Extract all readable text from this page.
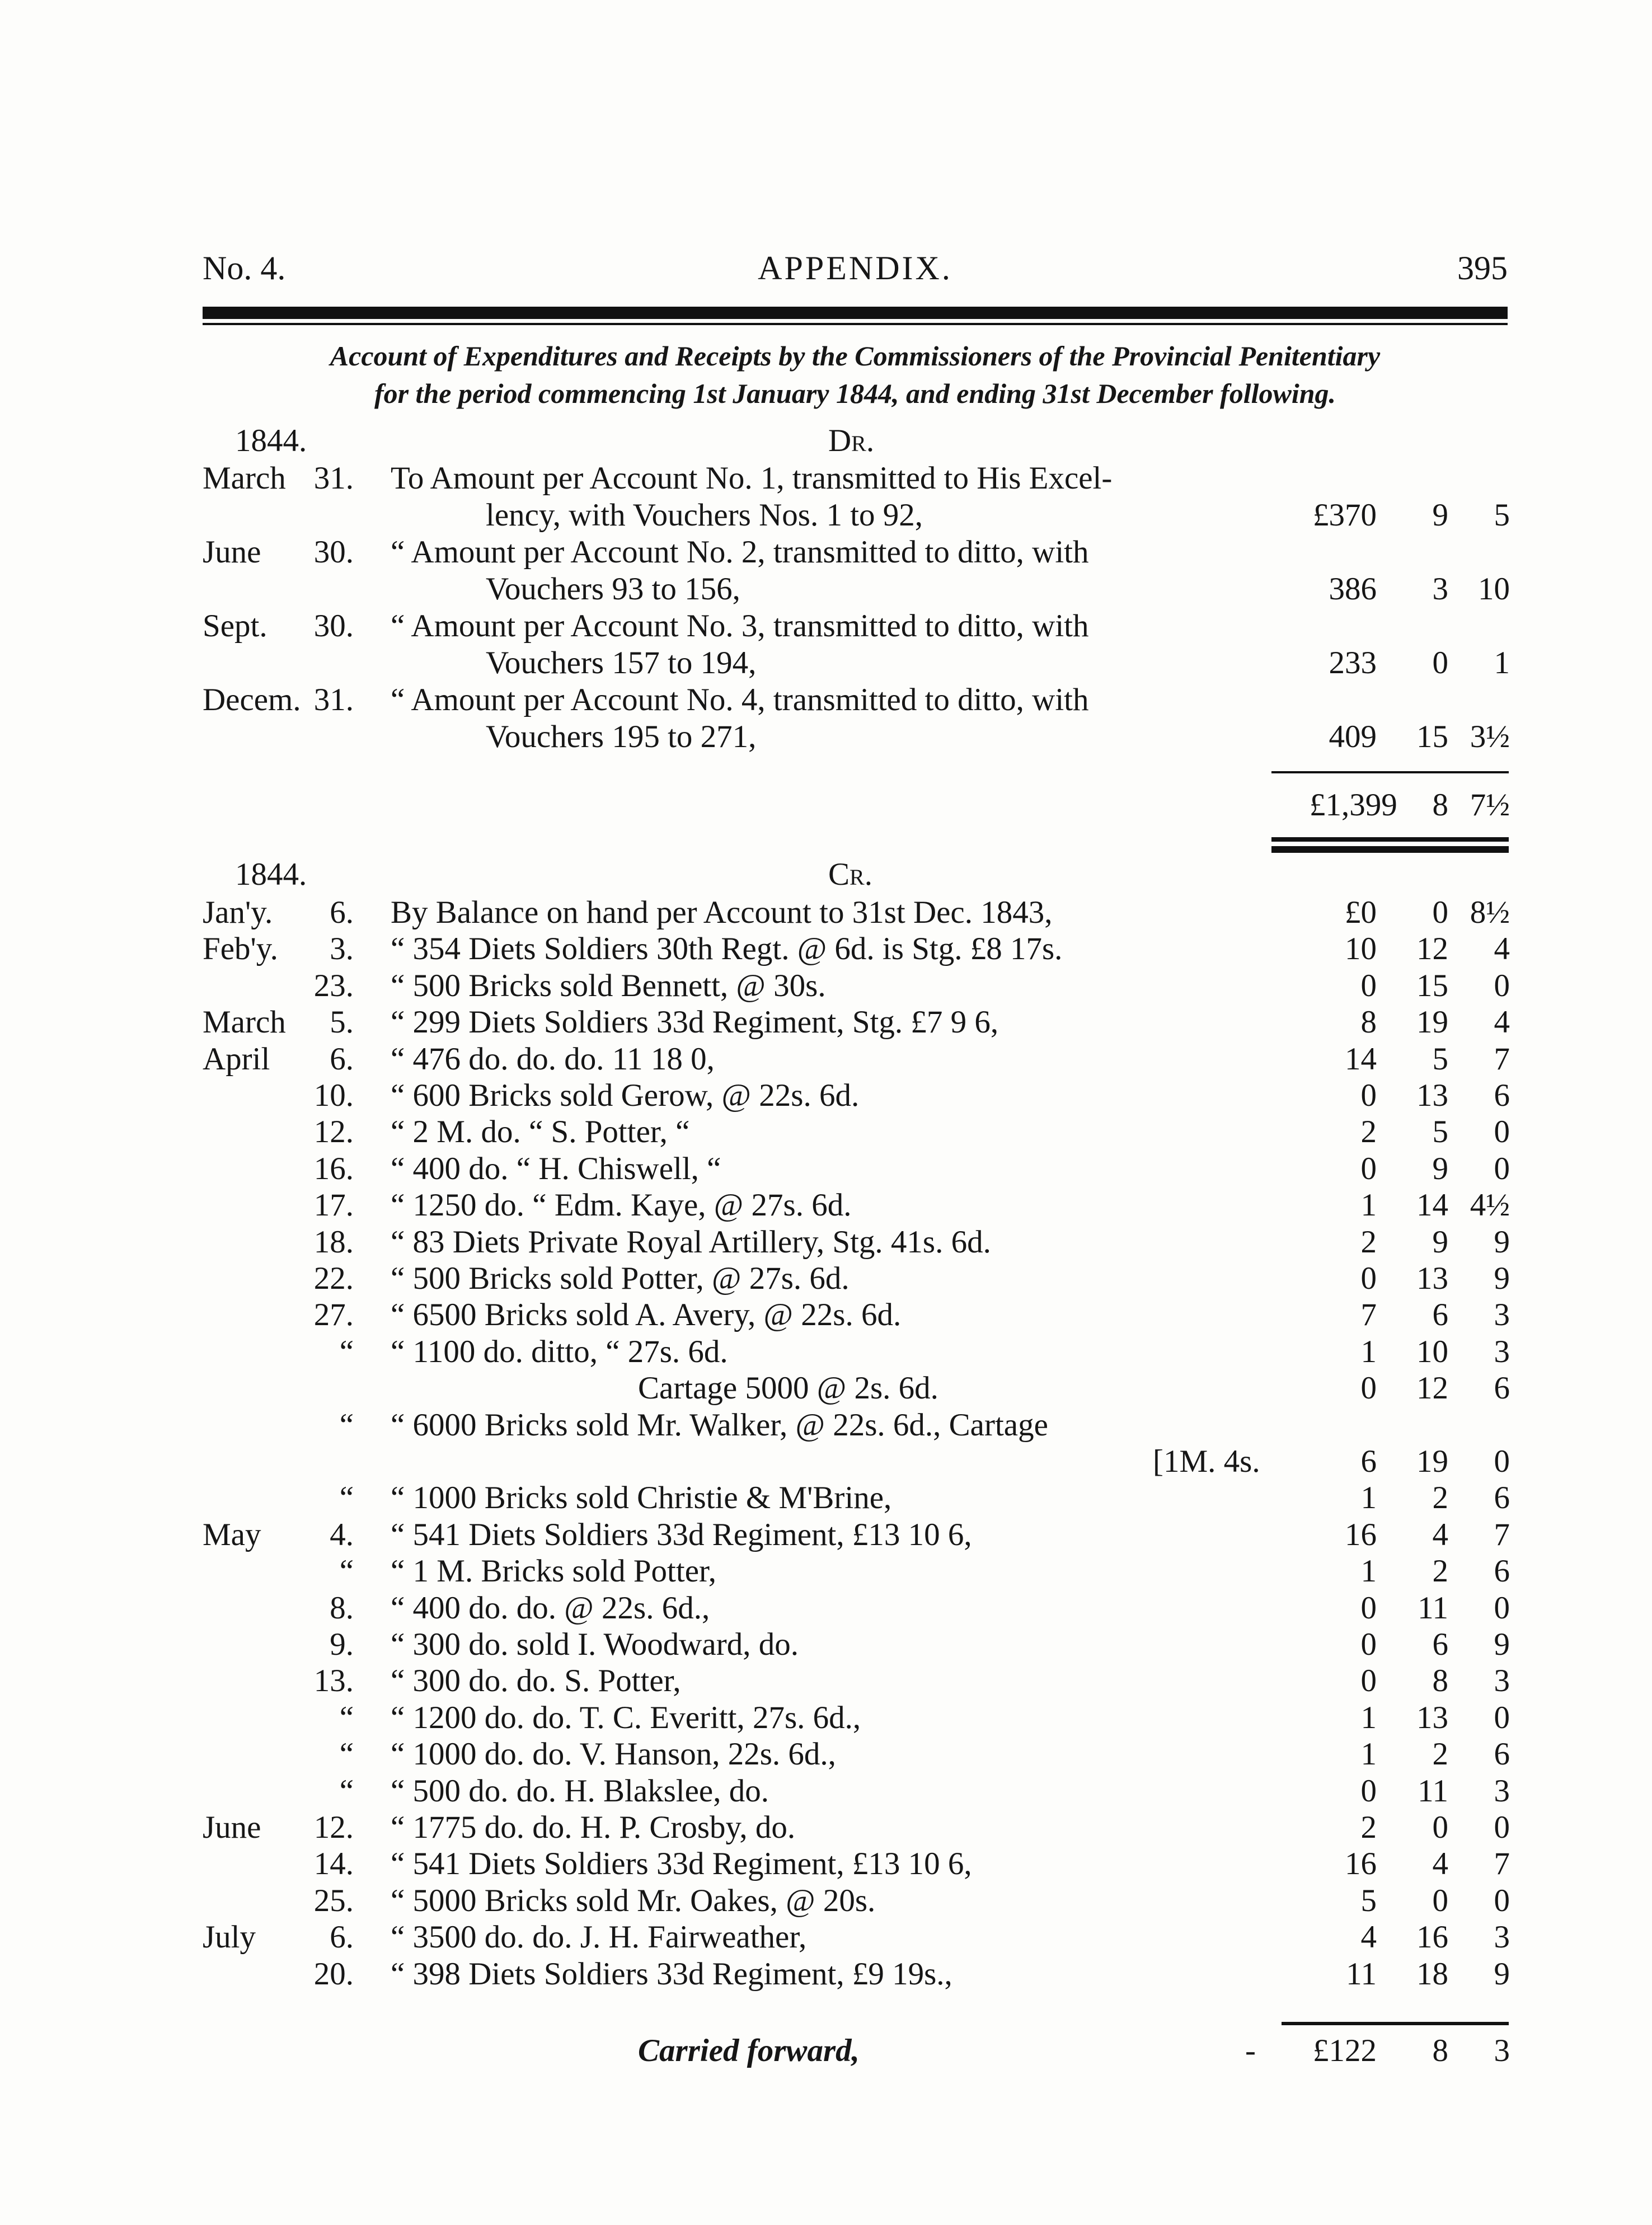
No. 4.	APPENDIX.	395
Account of Expenditures and Receipts by the Commissioners of the Provincial Penitentiary
for the period commencing 1st January 1844, and ending 31st December following.
1844.	Dr.
March 31. To Amount per Account No. 1, transmitted to His Excel-
lency, with Vouchers Nos. 1 to 92,	£370	9	5
June	30. “ Amount per Account No. 2, transmitted to ditto, with
Vouchers 93 to 156,	386	3 10
Sept.	30. “ Amount per Account No. 3, transmitted to ditto, with
Vouchers 157 to 194,	233	0	1
Decem. 31. “ Amount per Account No. 4, transmitted to ditto, with
Vouchers 195 to 271,	409	15 3½
£1,399	8 7½
1844.	Cr.
Jan'y.	6. By Balance on hand per Account to 31st Dec. 1843,	£0	0 8½
Feb'y.	3. “ 354 Diets Soldiers 30th Regt. @ 6d. is Stg. £8 17s.	10	12	4
23. “ 500 Bricks sold Bennett, @ 30s.	0	15	0
March	5. “ 299 Diets Soldiers 33d Regiment, Stg. £7 9 6,	8	19	4
April	6. “ 476 do. do. do. 11 18 0,	14	5	7
10. “ 600 Bricks sold Gerow, @ 22s. 6d.	0	13	6
12. “ 2 M. do. “ S. Potter, “	2	5	0
16. “ 400 do. “ H. Chiswell, “	0	9	0
17. “ 1250 do. “ Edm. Kaye, @ 27s. 6d.	1	14 4½
18. “ 83 Diets Private Royal Artillery, Stg. 41s. 6d.	2	9	9
22. “ 500 Bricks sold Potter, @ 27s. 6d.	0	13	9
27. “ 6500 Bricks sold A. Avery, @ 22s. 6d.	7	6	3
“ “ 1100 do. ditto, “ 27s. 6d.	1	10	3
Cartage 5000 @ 2s. 6d.	0	12	6
“ “ 6000 Bricks sold Mr. Walker, @ 22s. 6d., Cartage
[1M. 4s.	6	19	0
“ “ 1000 Bricks sold Christie & M'Brine,	1	2	6
May	4. “ 541 Diets Soldiers 33d Regiment, £13 10 6,	16	4	7
“ “ 1 M. Bricks sold Potter,	1	2	6
8. “ 400 do. do. @ 22s. 6d.,	0	11	0
9. “ 300 do. sold I. Woodward, do.	0	6	9
13. “ 300 do. do. S. Potter,	0	8	3
“ “ 1200 do. do. T. C. Everitt, 27s. 6d.,	1	13	0
“ “ 1000 do. do. V. Hanson, 22s. 6d.,	1	2	6
“ “ 500 do. do. H. Blakslee, do.	0	11	3
June	12. “ 1775 do. do. H. P. Crosby, do.	2	0	0
14. “ 541 Diets Soldiers 33d Regiment, £13 10 6,	16	4	7
25. “ 5000 Bricks sold Mr. Oakes, @ 20s.	5	0	0
July	6. “ 3500 do. do. J. H. Fairweather,	4	16	3
20. “ 398 Diets Soldiers 33d Regiment, £9 19s.,	11	18	9
Carried forward,	- £122	8	3
